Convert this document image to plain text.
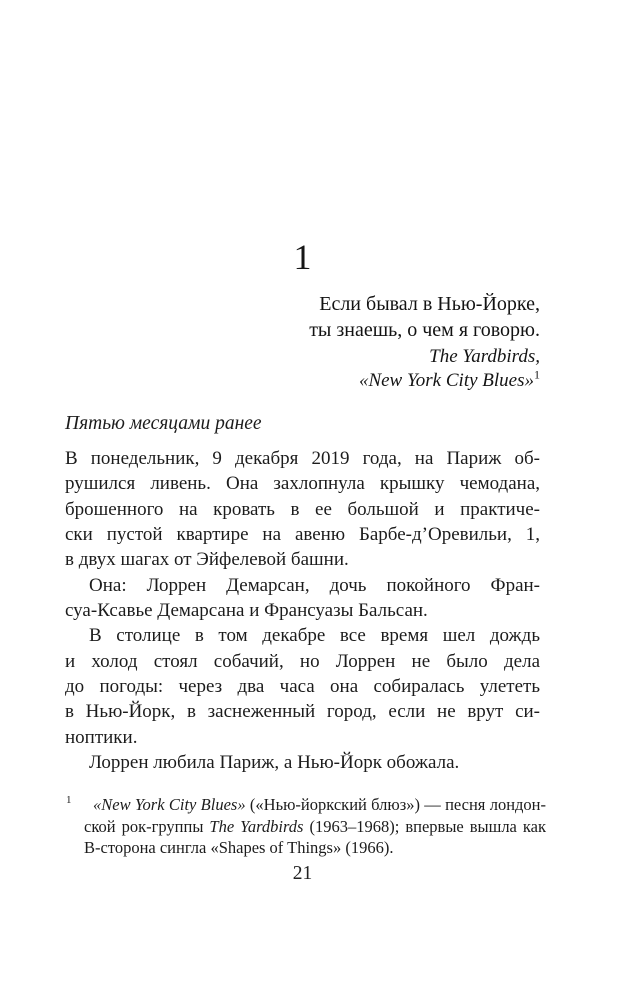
1
Если бывал в Нью-Йорке,
ты знаешь, о чем я говорю.
The Yardbirds,
«New York City Blues»$^1$
Пятью месяцами ранее
В понедельник, 9 декабря 2019 года, на Париж об-
рушился ливень. Она захлопнула крышку чемодана,
брошенного на кровать в ее большой и практиче-
ски пустой квартире на авеню Барбе-д’Оревильи, 1,
в двух шагах от Эйфелевой башни.
Она: Лоррен Демарсан, дочь покойного Фран-
суа-Ксавье Демарсана и Франсуазы Бальсан.
В столице в том декабре все время шел дождь
и холод стоял собачий, но Лоррен не было дела
до погоды: через два часа она собиралась улететь
в Нью-Йорк, в заснеженный город, если не врут си-
ноптики.
Лоррен любила Париж, а Нью-Йорк обожала.
1	«New York City Blues» («Нью-йоркский блюз») — песня лондон-
ской рок-группы The Yardbirds (1963–1968); впервые вышла как
В-сторона сингла «Shapes of Things» (1966).
21
